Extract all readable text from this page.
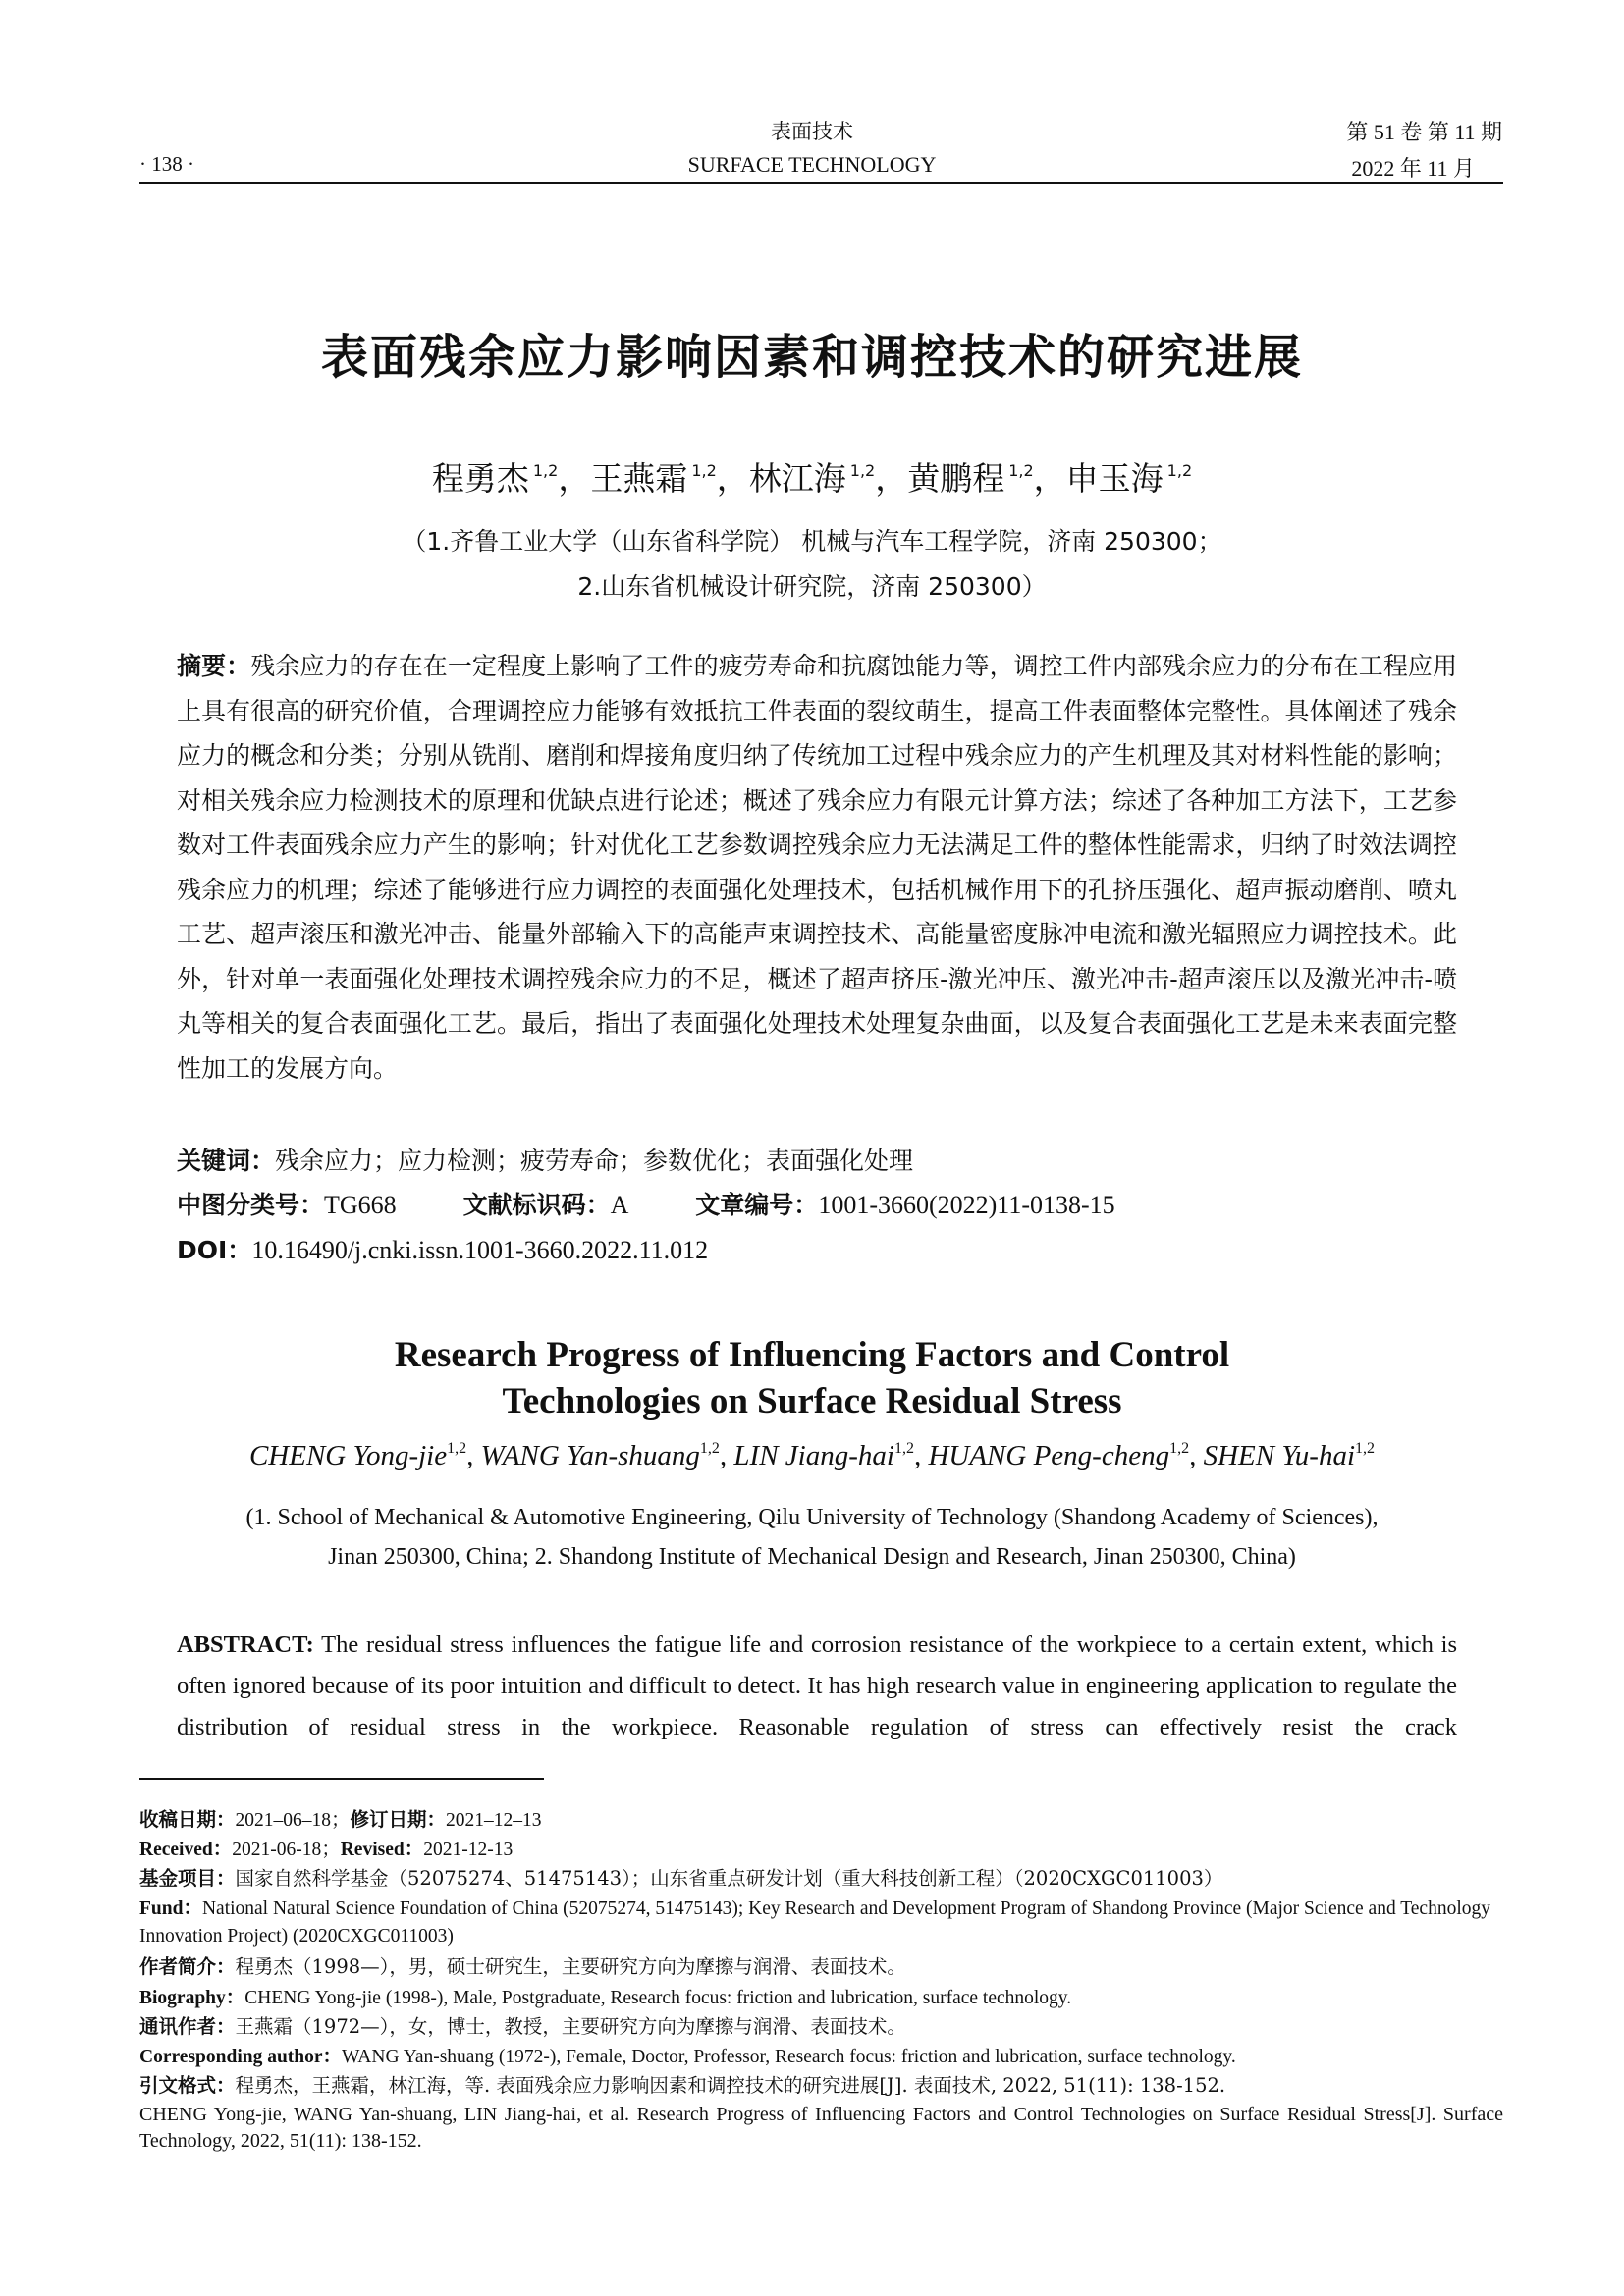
· 138 ·
表面技术
SURFACE TECHNOLOGY
第 51 卷 第 11 期
2022 年 11 月
表面残余应力影响因素和调控技术的研究进展
程勇杰 $^{1,2}$，王燕霜 $^{1,2}$，林江海 $^{1,2}$，黄鹏程 $^{1,2}$，申玉海 $^{1,2}$
（1.齐鲁工业大学（山东省科学院） 机械与汽车工程学院，济南 250300；
2.山东省机械设计研究院，济南 250300）
摘要：残余应力的存在在一定程度上影响了工件的疲劳寿命和抗腐蚀能力等，调控工件内部残余应力的分布在工程应用上具有很高的研究价值，合理调控应力能够有效抵抗工件表面的裂纹萌生，提高工件表面整体完整性。具体阐述了残余应力的概念和分类；分别从铣削、磨削和焊接角度归纳了传统加工过程中残余应力的产生机理及其对材料性能的影响；对相关残余应力检测技术的原理和优缺点进行论述；概述了残余应力有限元计算方法；综述了各种加工方法下，工艺参数对工件表面残余应力产生的影响；针对优化工艺参数调控残余应力无法满足工件的整体性能需求，归纳了时效法调控残余应力的机理；综述了能够进行应力调控的表面强化处理技术，包括机械作用下的孔挤压强化、超声振动磨削、喷丸工艺、超声滚压和激光冲击、能量外部输入下的高能声束调控技术、高能量密度脉冲电流和激光辐照应力调控技术。此外，针对单一表面强化处理技术调控残余应力的不足，概述了超声挤压-激光冲压、激光冲击-超声滚压以及激光冲击-喷丸等相关的复合表面强化工艺。最后，指出了表面强化处理技术处理复杂曲面，以及复合表面强化工艺是未来表面完整性加工的发展方向。
关键词：残余应力；应力检测；疲劳寿命；参数优化；表面强化处理
中图分类号：TG668	文献标识码：A	文章编号：1001-3660(2022)11-0138-15
DOI：10.16490/j.cnki.issn.1001-3660.2022.11.012
Research Progress of Influencing Factors and Control
Technologies on Surface Residual Stress
CHENG Yong-jie$^{1,2}$, WANG Yan-shuang$^{1,2}$, LIN Jiang-hai$^{1,2}$, HUANG Peng-cheng$^{1,2}$, SHEN Yu-hai$^{1,2}$
(1. School of Mechanical & Automotive Engineering, Qilu University of Technology (Shandong Academy of Sciences),
Jinan 250300, China; 2. Shandong Institute of Mechanical Design and Research, Jinan 250300, China)
ABSTRACT: The residual stress influences the fatigue life and corrosion resistance of the workpiece to a certain extent, which is often ignored because of its poor intuition and difficult to detect. It has high research value in engineering application to regulate the distribution of residual stress in the workpiece. Reasonable regulation of stress can effectively resist the crack
收稿日期：2021–06–18；修订日期：2021–12–13
Received：2021-06-18；Revised：2021-12-13
基金项目：国家自然科学基金（52075274、51475143）；山东省重点研发计划（重大科技创新工程）（2020CXGC011003）
Fund：National Natural Science Foundation of China (52075274, 51475143); Key Research and Development Program of Shandong Province (Major Science and Technology Innovation Project) (2020CXGC011003)
作者简介：程勇杰（1998—），男，硕士研究生，主要研究方向为摩擦与润滑、表面技术。
Biography：CHENG Yong-jie (1998-), Male, Postgraduate, Research focus: friction and lubrication, surface technology.
通讯作者：王燕霜（1972—），女，博士，教授，主要研究方向为摩擦与润滑、表面技术。
Corresponding author：WANG Yan-shuang (1972-), Female, Doctor, Professor, Research focus: friction and lubrication, surface technology.
引文格式：程勇杰，王燕霜，林江海，等. 表面残余应力影响因素和调控技术的研究进展[J]. 表面技术, 2022, 51(11): 138-152.
CHENG Yong-jie, WANG Yan-shuang, LIN Jiang-hai, et al. Research Progress of Influencing Factors and Control Technologies on Surface Residual Stress[J]. Surface Technology, 2022, 51(11): 138-152.
